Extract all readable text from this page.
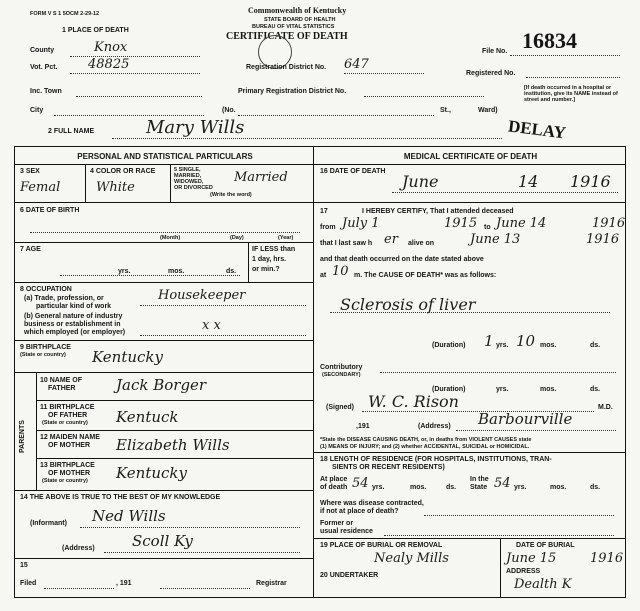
FORM V S 1 5OCM 2-29-12	Commonwealth of Kentucky
STATE BOARD OF HEALTH
BUREAU OF VITAL STATISTICS
CERTIFICATE OF DEATH
File No. 16834
Registered No.
[If death occurred in a hospital or institution, give its NAME instead of street and number.]
DELAY
1 PLACE OF DEATH
County	Knox
Vot. Pct. 48825	Registration District No. 647
Inc. Town	Primary Registration District No.
City	(No.	St.,	Ward)
2 FULL NAME	Mary Wills
PERSONAL AND STATISTICAL PARTICULARS	MEDICAL CERTIFICATE OF DEATH
3 SEX
Femal
4 COLOR OR RACE
White
5 SINGLE,
MARRIED,
WIDOWED,
OR DIVORCED
(Write the word)
Married
6 DATE OF BIRTH
(Month)	(Day)	(Year)
7 AGE
yrs.	mos.	ds.
IF LESS than
1 day, hrs.
or min.?
8 OCCUPATION
(a) Trade, profession, or
particular kind of work
(b) General nature of industry
business or establishment in
which employed (or employer)
Housekeeper
x x
9 BIRTHPLACE
(State or country) Kentucky
PARENTS
10 NAME OF
FATHER	Jack Borger
11 BIRTHPLACE
OF FATHER
(State or country) Kentuck
12 MAIDEN NAME
OF MOTHER Elizabeth Wills
13 BIRTHPLACE
OF MOTHER
(State or country) Kentucky
14 THE ABOVE IS TRUE TO THE BEST OF MY KNOWLEDGE
(Informant) Ned Wills
(Address) Scoll Ky
15
Filed	, 191	Registrar
16 DATE OF DEATH
June	14 1916
17	I HEREBY CERTIFY, That I attended deceased
from July 1	1915 to June 14	1916
that I last saw h er alive on	June 13	1916
and that death occurred on the date stated above
at 10 m. The CAUSE OF DEATH* was as follows:
Sclerosis of liver
(Duration) 1 yrs. 10 mos.	ds.
Contributory
(SECONDARY)
(Duration)	yrs.	mos.	ds.
(Signed) W. C. Rison	M.D.
,191	(Address) Barbourville
*State the DISEASE CAUSING DEATH, or, in deaths from VIOLENT CAUSES state
(1) MEANS OF INJURY; and (2) whether ACCIDENTAL, SUICIDAL or HOMICIDAL.
18 LENGTH OF RESIDENCE (FOR HOSPITALS, INSTITUTIONS, TRAN-
SIENTS OR RECENT RESIDENTS)
At place
of death 54 yrs.	mos.	ds.
In the
State 54 yrs.	mos.	ds.
Where was disease contracted,
if not at place of death?
Former or
usual residence
19 PLACE OF BURIAL OR REMOVAL
Nealy Mills
DATE OF BURIAL
June 15	1916
20 UNDERTAKER
ADDRESS
Dealth K
